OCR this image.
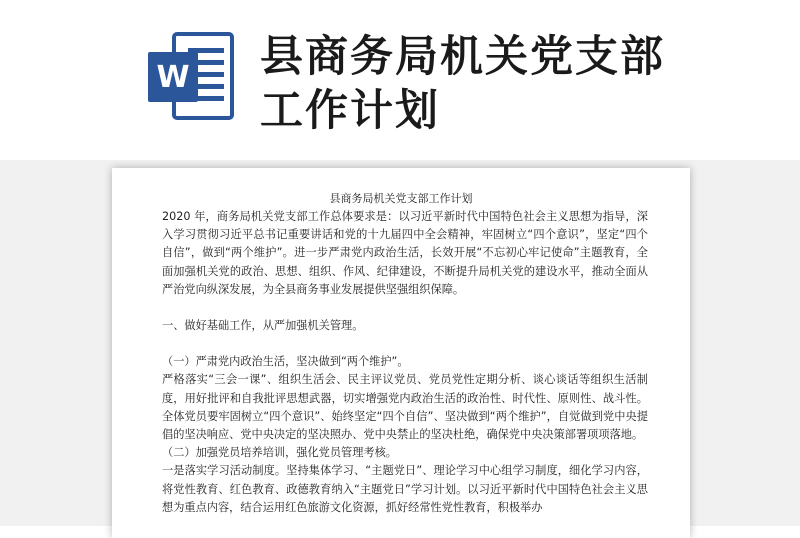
W 县商务局机关党支部
工作计划
县商务局机关党支部工作计划

2020 年，商务局机关党支部工作总体要求是：以习近平新时代中国特色社会主义思想为指导，深入学习贯彻习近平总书记重要讲话和党的十九届四中全会精神，牢固树立“四个意识”，坚定“四个自信”，做到“两个维护”。进一步严肃党内政治生活，长效开展“不忘初心牢记使命”主题教育，全面加强机关党的政治、思想、组织、作风、纪律建设，不断提升局机关党的建设水平，推动全面从严治党向纵深发展，为全县商务事业发展提供坚强组织保障。

一、做好基础工作，从严加强机关管理。

（一）严肃党内政治生活，坚决做到“两个维护”。

严格落实“三会一课”、组织生活会、民主评议党员、党员党性定期分析、谈心谈话等组织生活制度，用好批评和自我批评思想武器，切实增强党内政治生活的政治性、时代性、原则性、战斗性。全体党员要牢固树立“四个意识”、始终坚定“四个自信”、坚决做到“两个维护”，自觉做到党中央提倡的坚决响应、党中央决定的坚决照办、党中央禁止的坚决杜绝，确保党中央决策部署项项落地。

（二）加强党员培养培训，强化党员管理考核。

一是落实学习活动制度。坚持集体学习、“主题党日”、理论学习中心组学习制度，细化学习内容，将党性教育、红色教育、政德教育纳入“主题党日”学习计划。以习近平新时代中国特色社会主义思想为重点内容，结合运用红色旅游文化资源，抓好经常性党性教育，积极举办
